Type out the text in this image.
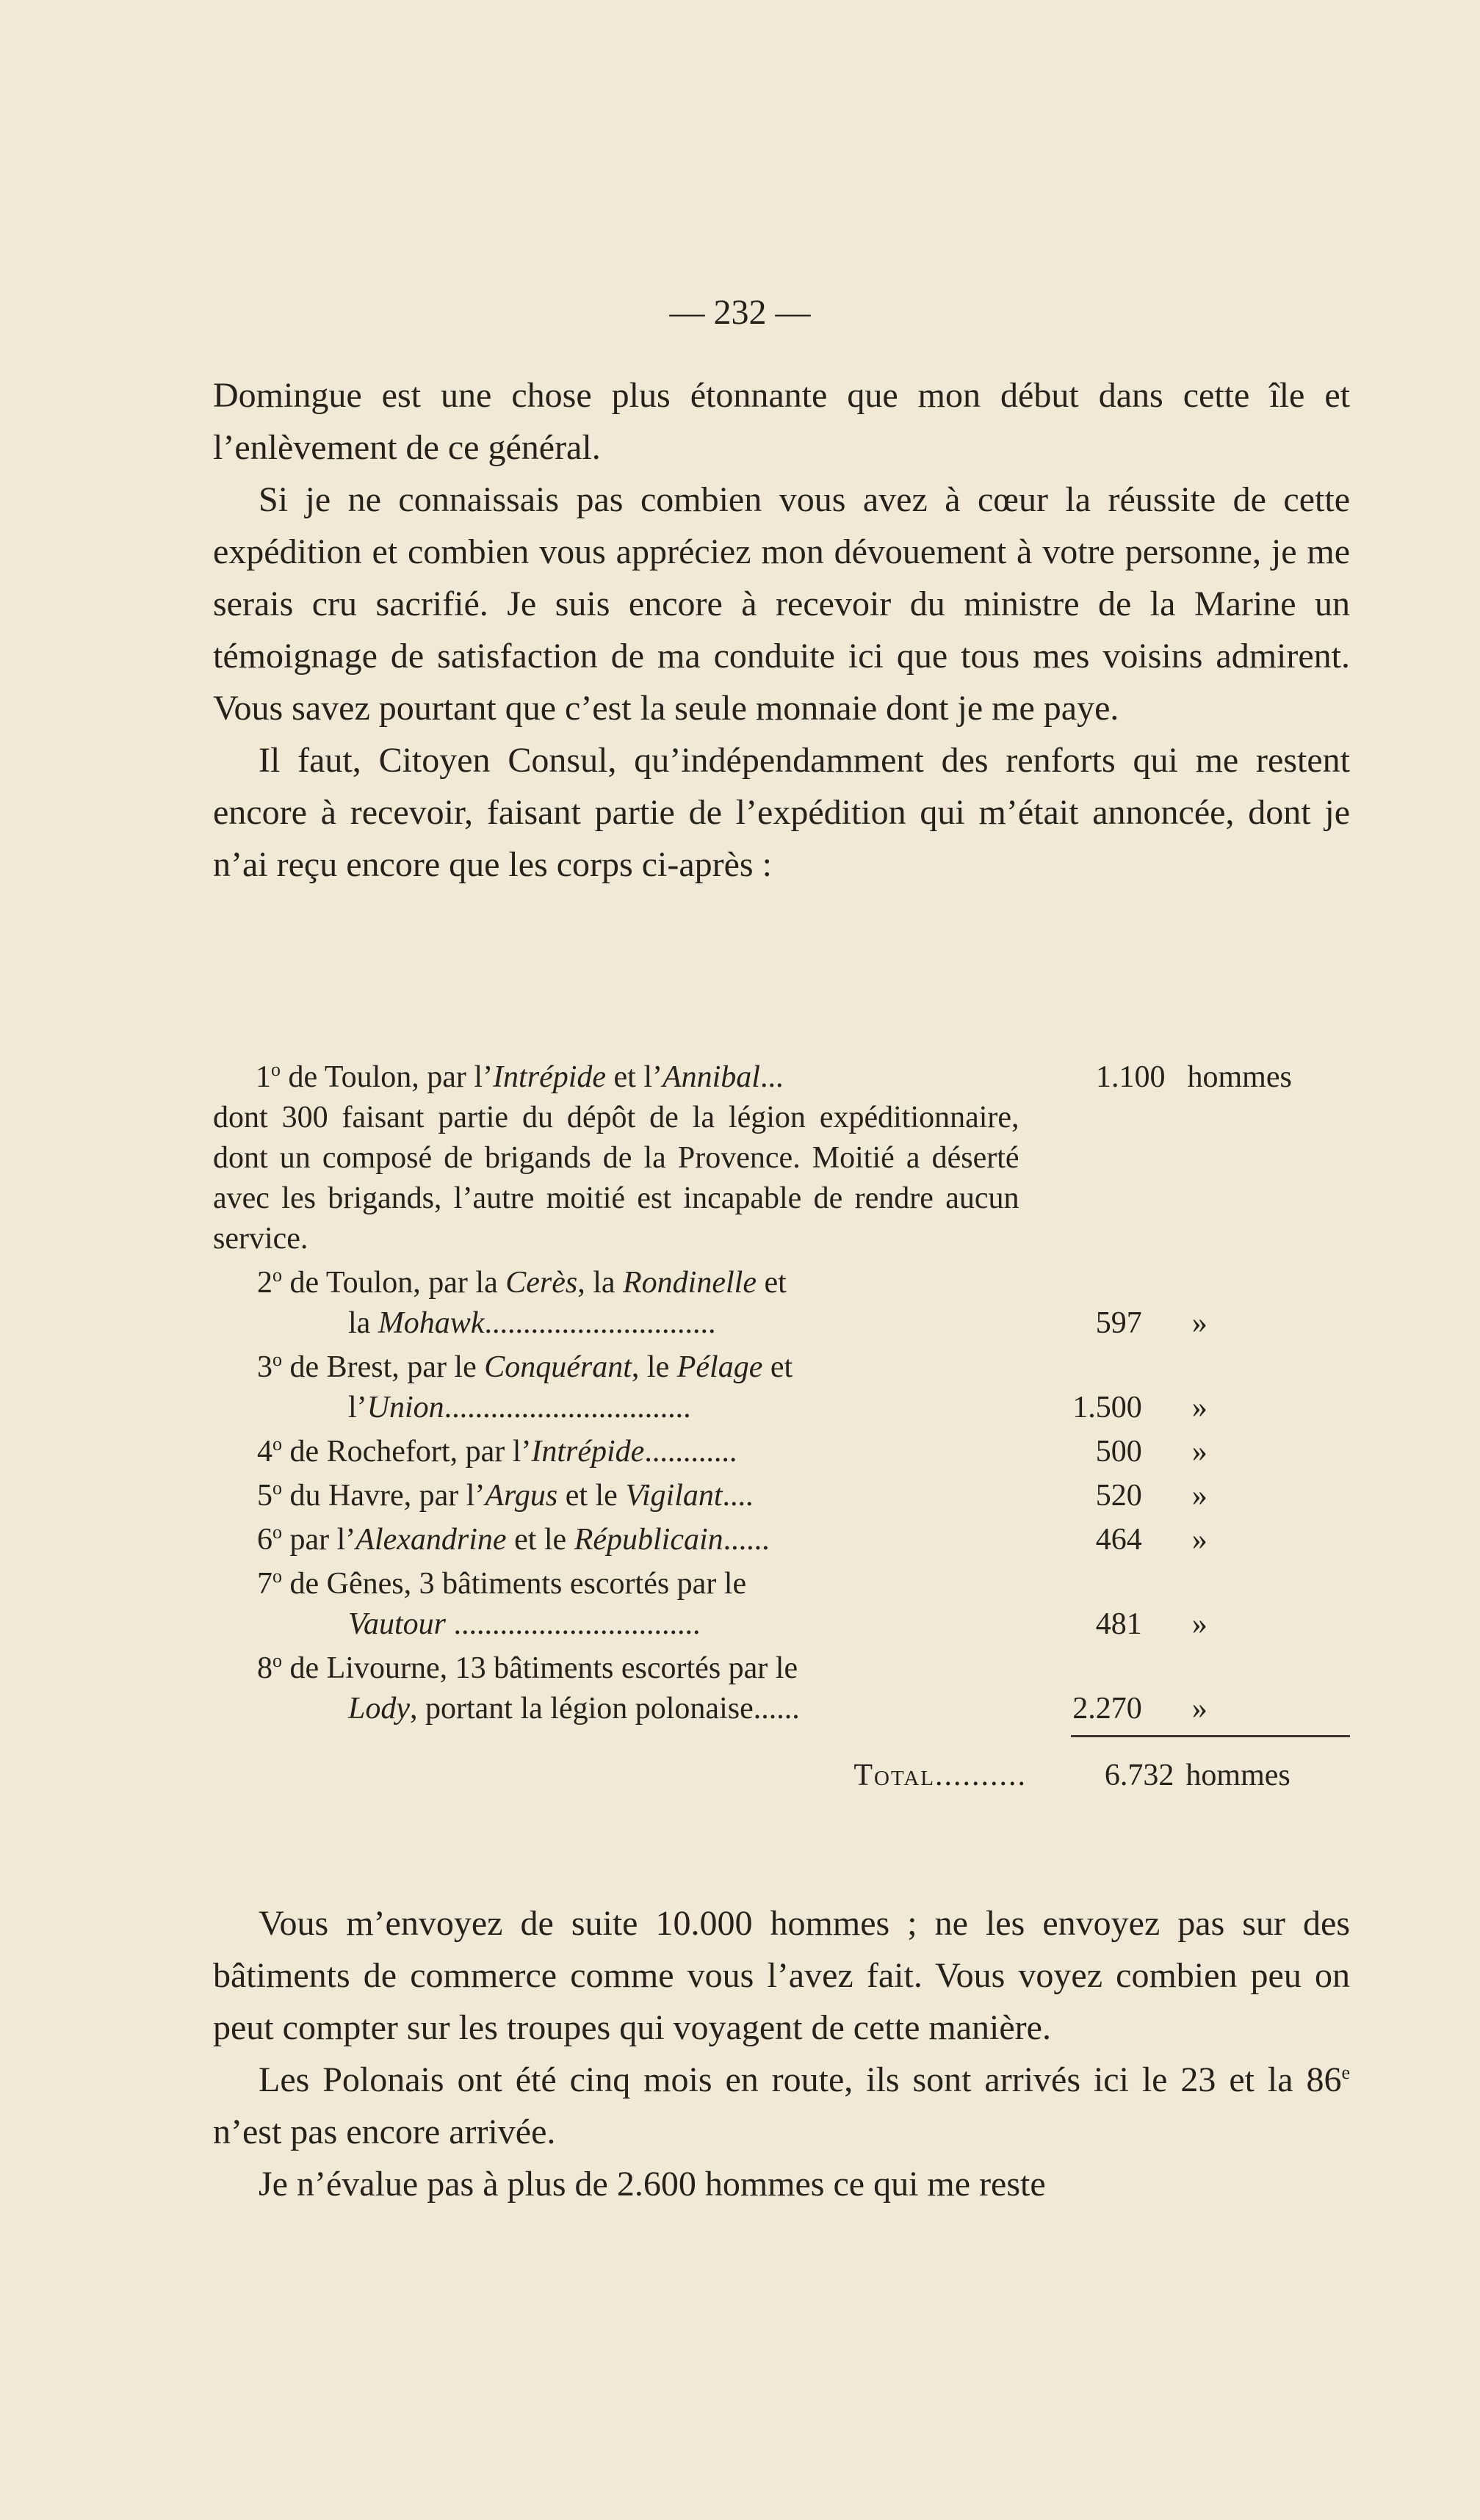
— 232 —

Domingue est une chose plus étonnante que mon début dans cette île et l’enlèvement de ce général.

Si je ne connaissais pas combien vous avez à cœur la réussite de cette expédition et combien vous appréciez mon dévouement à votre personne, je me serais cru sacrifié. Je suis encore à recevoir du ministre de la Marine un témoignage de satisfaction de ma conduite ici que tous mes voisins admirent. Vous savez pourtant que c’est la seule monnaie dont je me paye.

Il faut, Citoyen Consul, qu’indépendamment des renforts qui me restent encore à recevoir, faisant partie de l’expédition qui m’était annoncée, dont je n’ai reçu encore que les corps ci-après :

1$^o$ de Toulon, par l’Intrépide et l’Annibal...
dont 300 faisant partie du dépôt de la légion expéditionnaire, dont un composé de brigands de la Provence. Moitié a déserté avec les brigands, l’autre moitié est incapable de rendre aucun service.
1.100 hommes
2$^o$ de Toulon, par la Cerès, la Rondinelle et
la Mohawk..............................	597	»
3$^o$ de Brest, par le Conquérant, le Pélage et
l’Union................................	1.500	»
4$^o$ de Rochefort, par l’Intrépide............	500	»
5$^o$ du Havre, par l’Argus et le Vigilant....	520	»
6$^o$ par l’Alexandrine et le Républicain......	464	»
7$^o$ de Gênes, 3 bâtiments escortés par le
Vautour ................................	481	»
8$^o$ de Livourne, 13 bâtiments escortés par le
Lody, portant la légion polonaise......	2.270	»
Total..........	6.732 hommes

Vous m’envoyez de suite 10.000 hommes ; ne les envoyez pas sur des bâtiments de commerce comme vous l’avez fait. Vous voyez combien peu on peut compter sur les troupes qui voyagent de cette manière.

Les Polonais ont été cinq mois en route, ils sont arrivés ici le 23 et la 86e n’est pas encore arrivée.

Je n’évalue pas à plus de 2.600 hommes ce qui me reste
